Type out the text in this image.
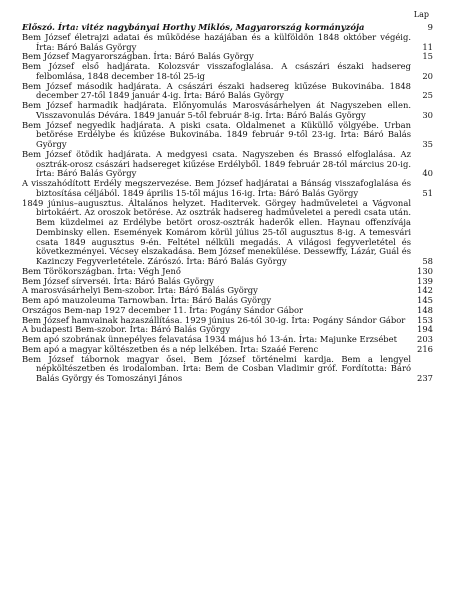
Lap
Előszó. Írta: vitéz nagybányai Horthy Miklós, Magyarország kormányzója	9
Bem József életrajzi adatai és működése hazájában és a külföldön 1848 október végéig. Írta: Báró Balás György	11
Bem József Magyarországban. Írta: Báró Balás György	15
Bem József első hadjárata. Kolozsvár visszafoglalása. A császári északi hadsereg felbomlása, 1848 december 18-tól 25-ig	20
Bem József második hadjárata. A császári északi hadsereg kiűzése Bukovinába. 1848 december 27-től 1849 január 4-ig. Írta: Báró Balás György	25
Bem József harmadik hadjárata. Előnyomulás Marosvásárhelyen át Nagyszeben ellen. Visszavonulás Dévára. 1849 január 5-től február 8-ig. Írta: Báró Balás György	30
Bem József negyedik hadjárata. A piski csata. Oldalmenet a Küküllő völgyébe. Urban betörése Erdélybe és kiűzése Bukovinába. 1849 február 9-től 23-ig. Írta: Báró Balás György	35
Bem József ötödik hadjárata. A medgyesi csata. Nagyszeben és Brassó elfoglalása. Az osztrák-orosz császári hadsereget kiűzése Erdélyből. 1849 február 28-tól március 20-ig. Írta: Báró Balás György	40
A visszahódított Erdély megszervezése. Bem József hadjáratai a Bánság visszafoglalása és biztosítása céljából. 1849 április 15-től május 16-ig. Írta: Báró Balás György	51
1849 június–augusztus. Általános helyzet. Haditervek. Görgey hadműveletei a Vágvonal birtokáért. Az oroszok betörése. Az osztrák hadsereg hadműveletei a peredi csata után. Bem küzdelmei az Erdélybe betört orosz-osztrák haderők ellen. Haynau offenzívája Dembinsky ellen. Események Komárom körül július 25-től augusztus 8-ig. A temesvári csata 1849 augusztus 9-én. Feltétel nélküli megadás. A világosi fegyverletétel és következményei. Vécsey elszakadása. Bem József menekülése. Dessewffy, Lázár, Guál és Kazinczy Fegyverletétele. Zárószó. Írta: Báró Balás György	58
Bem Törökországban. Írta: Végh Jenő	130
Bem József sírverséi. Írta: Báró Balás György	139
A marosvásárhelyi Bem-szobor. Írta: Báró Balás György	142
Bem apó mauzoleuma Tarnowban. Írta: Báró Balás György	145
Országos Bem-nap 1927 december 11. Írta: Pogány Sándor Gábor	148
Bem József hamvainak hazaszállítása. 1929 június 26-tól 30-ig. Írta: Pogány Sándor Gábor 153
A budapesti Bem-szobor. Írta: Báró Balás György	194
Bem apó szobrának ünnepélyes felavatása 1934 május hó 13-án. Írta: Majunke Erzsébet 203
Bem apó a magyar költészetben és a nép lelkében. Írta: Szaáé Ferenc	216
Bem József tábornok magyar ősei. Bem József történelmi kardja. Bem a lengyel népköltészetben és irodalomban. Írta: Bem de Cosban Vladimir gróf. Fordította: Báró Balás György és Tomoszányi János	237
